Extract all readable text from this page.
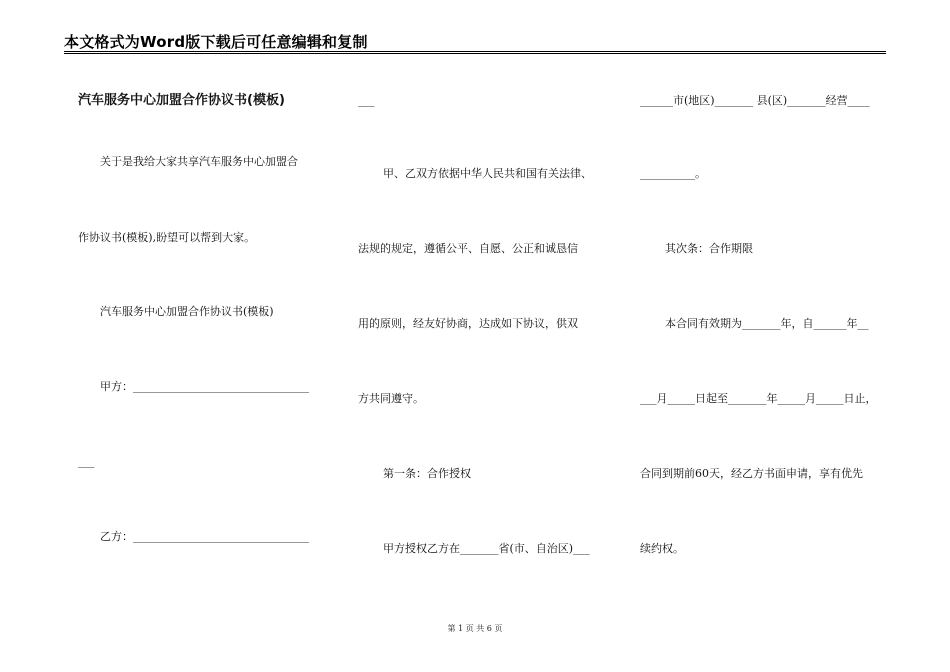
本文格式为Word版下载后可任意编辑和复制
汽车服务中心加盟合作协议书(模板)
关于是我给大家共享汽车服务中心加盟合
作协议书(模板),盼望可以帮到大家。
汽车服务中心加盟合作协议书(模板)
甲方：________________________________
___
乙方：________________________________
___
甲、乙双方依据中华人民共和国有关法律、
法规的规定，遵循公平、自愿、公正和诚恳信
用的原则，经友好协商，达成如下协议，供双
方共同遵守。
第一条：合作授权
甲方授权乙方在_______省(市、自治区)___
______市(地区)_______ 县(区)_______经营____
__________。
其次条：合作期限
本合同有效期为_______年，自______年__
___月_____日起至_______年_____月_____日止，
合同到期前60天，经乙方书面申请，享有优先
续约权。
第 1 页 共 6 页
